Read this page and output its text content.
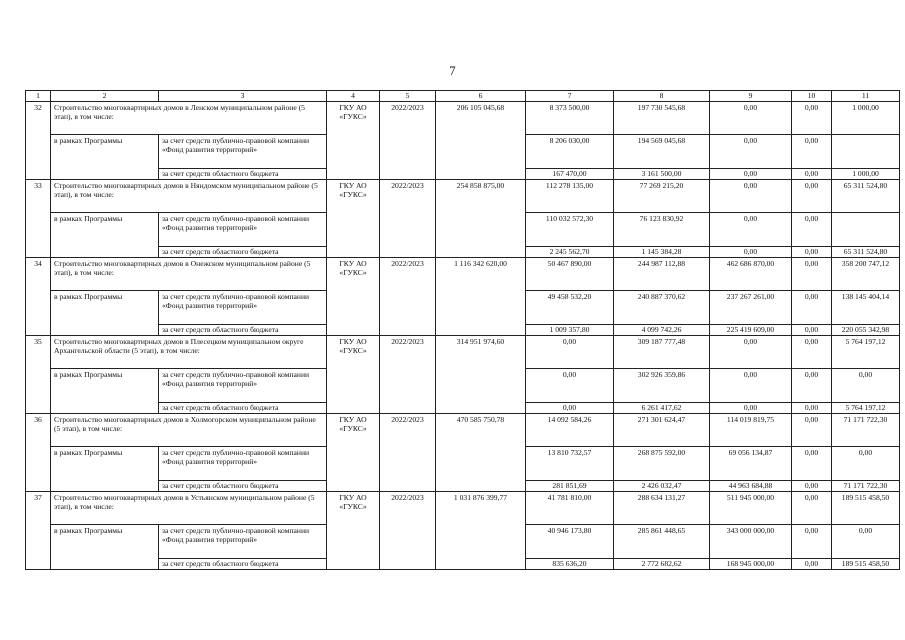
7
1	2	3	4	5	6	7	8	9	10	11
32	Строительство многоквартирных домов в Ленском муниципальном районе (5 этап), в том числе:		ГКУ АО «ГУКС»	2022/2023	206 105 045,68	8 373 500,00	197 730 545,68	0,00	0,00	1 000,00
	в рамках Программы	за счет средств публично-правовой компании «Фонд развития территорий»				8 206 030,00	194 569 045,68	0,00	0,00	
		за счет средств областного бюджета				167 470,00	3 161 500,00	0,00	0,00	1 000,00
33	Строительство многоквартирных домов в Няндомском муниципальном районе (5 этап), в том числе:		ГКУ АО «ГУКС»	2022/2023	254 858 875,00	112 278 135,00	77 269 215,20	0,00	0,00	65 311 524,80
	в рамках Программы	за счет средств публично-правовой компании «Фонд развития территорий»				110 032 572,30	76 123 830,92	0,00	0,00	
		за счет средств областного бюджета				2 245 562,70	1 145 384,28	0,00	0,00	65 311 524,80
34	Строительство многоквартирных домов в Онежском муниципальном районе (5 этап), в том числе:		ГКУ АО «ГУКС»	2022/2023	1 116 342 620,00	50 467 890,00	244 987 112,88	462 686 870,00	0,00	358 200 747,12
	в рамках Программы	за счет средств публично-правовой компании «Фонд развития территорий»				49 458 532,20	240 887 370,62	237 267 261,00	0,00	138 145 404,14
		за счет средств областного бюджета				1 009 357,80	4 099 742,26	225 419 609,00	0,00	220 055 342,98
35	Строительство многоквартирных домов в Плесецком муниципальном округе Архангельской области (5 этап), в том числе:		ГКУ АО «ГУКС»	2022/2023	314 951 974,60	0,00	309 187 777,48	0,00	0,00	5 764 197,12
	в рамках Программы	за счет средств публично-правовой компании «Фонд развития территорий»				0,00	302 926 359,86	0,00	0,00	0,00
		за счет средств областного бюджета				0,00	6 261 417,62	0,00	0,00	5 764 197,12
36	Строительство многоквартирных домов в Холмогорском муниципальном районе (5 этап), в том числе:		ГКУ АО «ГУКС»	2022/2023	470 585 750,78	14 092 584,26	271 301 624,47	114 019 819,75	0,00	71 171 722,30
	в рамках Программы	за счет средств публично-правовой компании «Фонд развития территорий»				13 810 732,57	268 875 592,00	69 056 134,87	0,00	0,00
		за счет средств областного бюджета				281 851,69	2 426 032,47	44 963 684,88	0,00	71 171 722,30
37	Строительство многоквартирных домов в Устьянском муниципальном районе (5 этап), в том числе:		ГКУ АО «ГУКС»	2022/2023	1 031 876 399,77	41 781 810,00	288 634 131,27	511 945 000,00	0,00	189 515 458,50
	в рамках Программы	за счет средств публично-правовой компании «Фонд развития территорий»				40 946 173,80	285 861 448,65	343 000 000,00	0,00	0,00
		за счет средств областного бюджета				835 636,20	2 772 682,62	168 945 000,00	0,00	189 515 458,50
